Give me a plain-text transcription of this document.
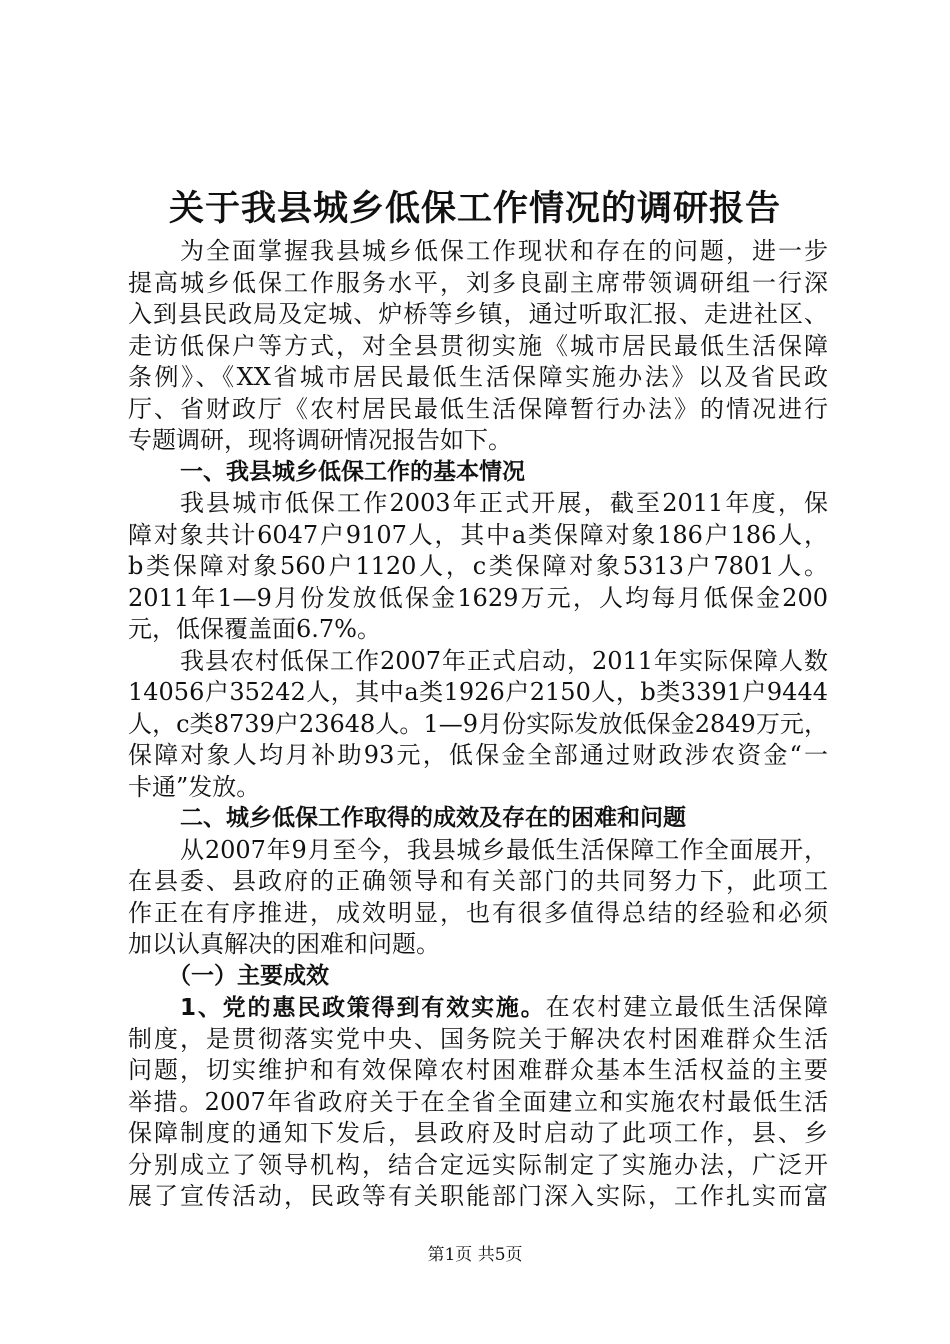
关于我县城乡低保工作情况的调研报告
为全面掌握我县城乡低保工作现状和存在的问题，进一步
提高城乡低保工作服务水平，刘多良副主席带领调研组一行深
入到县民政局及定城、炉桥等乡镇，通过听取汇报、走进社区、
走访低保户等方式，对全县贯彻实施《城市居民最低生活保障
条例》、《XX省城市居民最低生活保障实施办法》以及省民政
厅、省财政厅《农村居民最低生活保障暂行办法》的情况进行
专题调研，现将调研情况报告如下。
一、我县城乡低保工作的基本情况
我县城市低保工作2003年正式开展，截至2011年度，保
障对象共计6047户9107人，其中a类保障对象186户186人，
b类保障对象560户1120人，c类保障对象5313户7801人。
2011年1—9月份发放低保金1629万元，人均每月低保金200
元，低保覆盖面6.7%。
我县农村低保工作2007年正式启动，2011年实际保障人数
14056户35242人，其中a类1926户2150人，b类3391户9444
人，c类8739户23648人。1—9月份实际发放低保金2849万元，
保障对象人均月补助93元，低保金全部通过财政涉农资金“一
卡通”发放。
二、城乡低保工作取得的成效及存在的困难和问题
从2007年9月至今，我县城乡最低生活保障工作全面展开，
在县委、县政府的正确领导和有关部门的共同努力下，此项工
作正在有序推进，成效明显，也有很多值得总结的经验和必须
加以认真解决的困难和问题。
（一）主要成效
1、党的惠民政策得到有效实施。在农村建立最低生活保障
制度，是贯彻落实党中央、国务院关于解决农村困难群众生活
问题，切实维护和有效保障农村困难群众基本生活权益的主要
举措。2007年省政府关于在全省全面建立和实施农村最低生活
保障制度的通知下发后，县政府及时启动了此项工作，县、乡
分别成立了领导机构，结合定远实际制定了实施办法，广泛开
展了宣传活动，民政等有关职能部门深入实际，工作扎实而富
第1页 共5页
